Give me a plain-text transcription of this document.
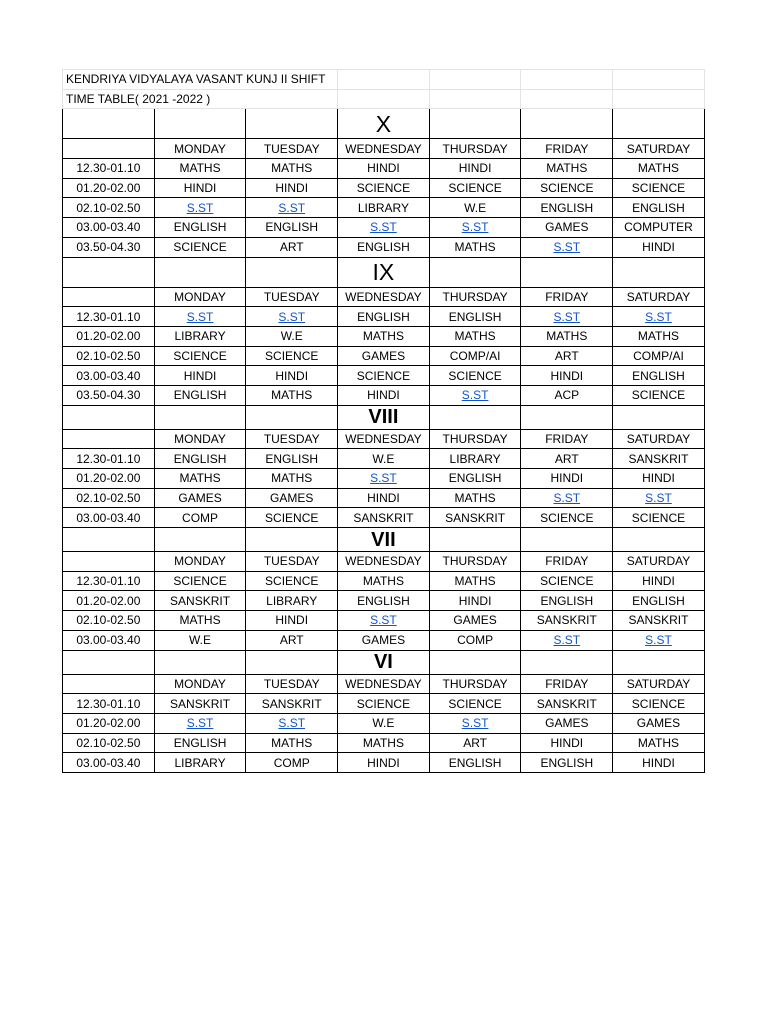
KENDRIYA VIDYALAYA VASANT KUNJ II SHIFT						
TIME TABLE( 2021 -2022 )						
			X			
	MONDAY	TUESDAY	WEDNESDAY	THURSDAY	FRIDAY	SATURDAY
12.30-01.10	MATHS	MATHS	HINDI	HINDI	MATHS	MATHS
01.20-02.00	HINDI	HINDI	SCIENCE	SCIENCE	SCIENCE	SCIENCE
02.10-02.50	S.ST	S.ST	LIBRARY	W.E	ENGLISH	ENGLISH
03.00-03.40	ENGLISH	ENGLISH	S.ST	S.ST	GAMES	COMPUTER
03.50-04.30	SCIENCE	ART	ENGLISH	MATHS	S.ST	HINDI
			IX			
	MONDAY	TUESDAY	WEDNESDAY	THURSDAY	FRIDAY	SATURDAY
12.30-01.10	S.ST	S.ST	ENGLISH	ENGLISH	S.ST	S.ST
01.20-02.00	LIBRARY	W.E	MATHS	MATHS	MATHS	MATHS
02.10-02.50	SCIENCE	SCIENCE	GAMES	COMP/AI	ART	COMP/AI
03.00-03.40	HINDI	HINDI	SCIENCE	SCIENCE	HINDI	ENGLISH
03.50-04.30	ENGLISH	MATHS	HINDI	S.ST	ACP	SCIENCE
			VIII			
	MONDAY	TUESDAY	WEDNESDAY	THURSDAY	FRIDAY	SATURDAY
12.30-01.10	ENGLISH	ENGLISH	W.E	LIBRARY	ART	SANSKRIT
01.20-02.00	MATHS	MATHS	S.ST	ENGLISH	HINDI	HINDI
02.10-02.50	GAMES	GAMES	HINDI	MATHS	S.ST	S.ST
03.00-03.40	COMP	SCIENCE	SANSKRIT	SANSKRIT	SCIENCE	SCIENCE
			VII			
	MONDAY	TUESDAY	WEDNESDAY	THURSDAY	FRIDAY	SATURDAY
12.30-01.10	SCIENCE	SCIENCE	MATHS	MATHS	SCIENCE	HINDI
01.20-02.00	SANSKRIT	LIBRARY	ENGLISH	HINDI	ENGLISH	ENGLISH
02.10-02.50	MATHS	HINDI	S.ST	GAMES	SANSKRIT	SANSKRIT
03.00-03.40	W.E	ART	GAMES	COMP	S.ST	S.ST
			VI			
	MONDAY	TUESDAY	WEDNESDAY	THURSDAY	FRIDAY	SATURDAY
12.30-01.10	SANSKRIT	SANSKRIT	SCIENCE	SCIENCE	SANSKRIT	SCIENCE
01.20-02.00	S.ST	S.ST	W.E	S.ST	GAMES	GAMES
02.10-02.50	ENGLISH	MATHS	MATHS	ART	HINDI	MATHS
03.00-03.40	LIBRARY	COMP	HINDI	ENGLISH	ENGLISH	HINDI
